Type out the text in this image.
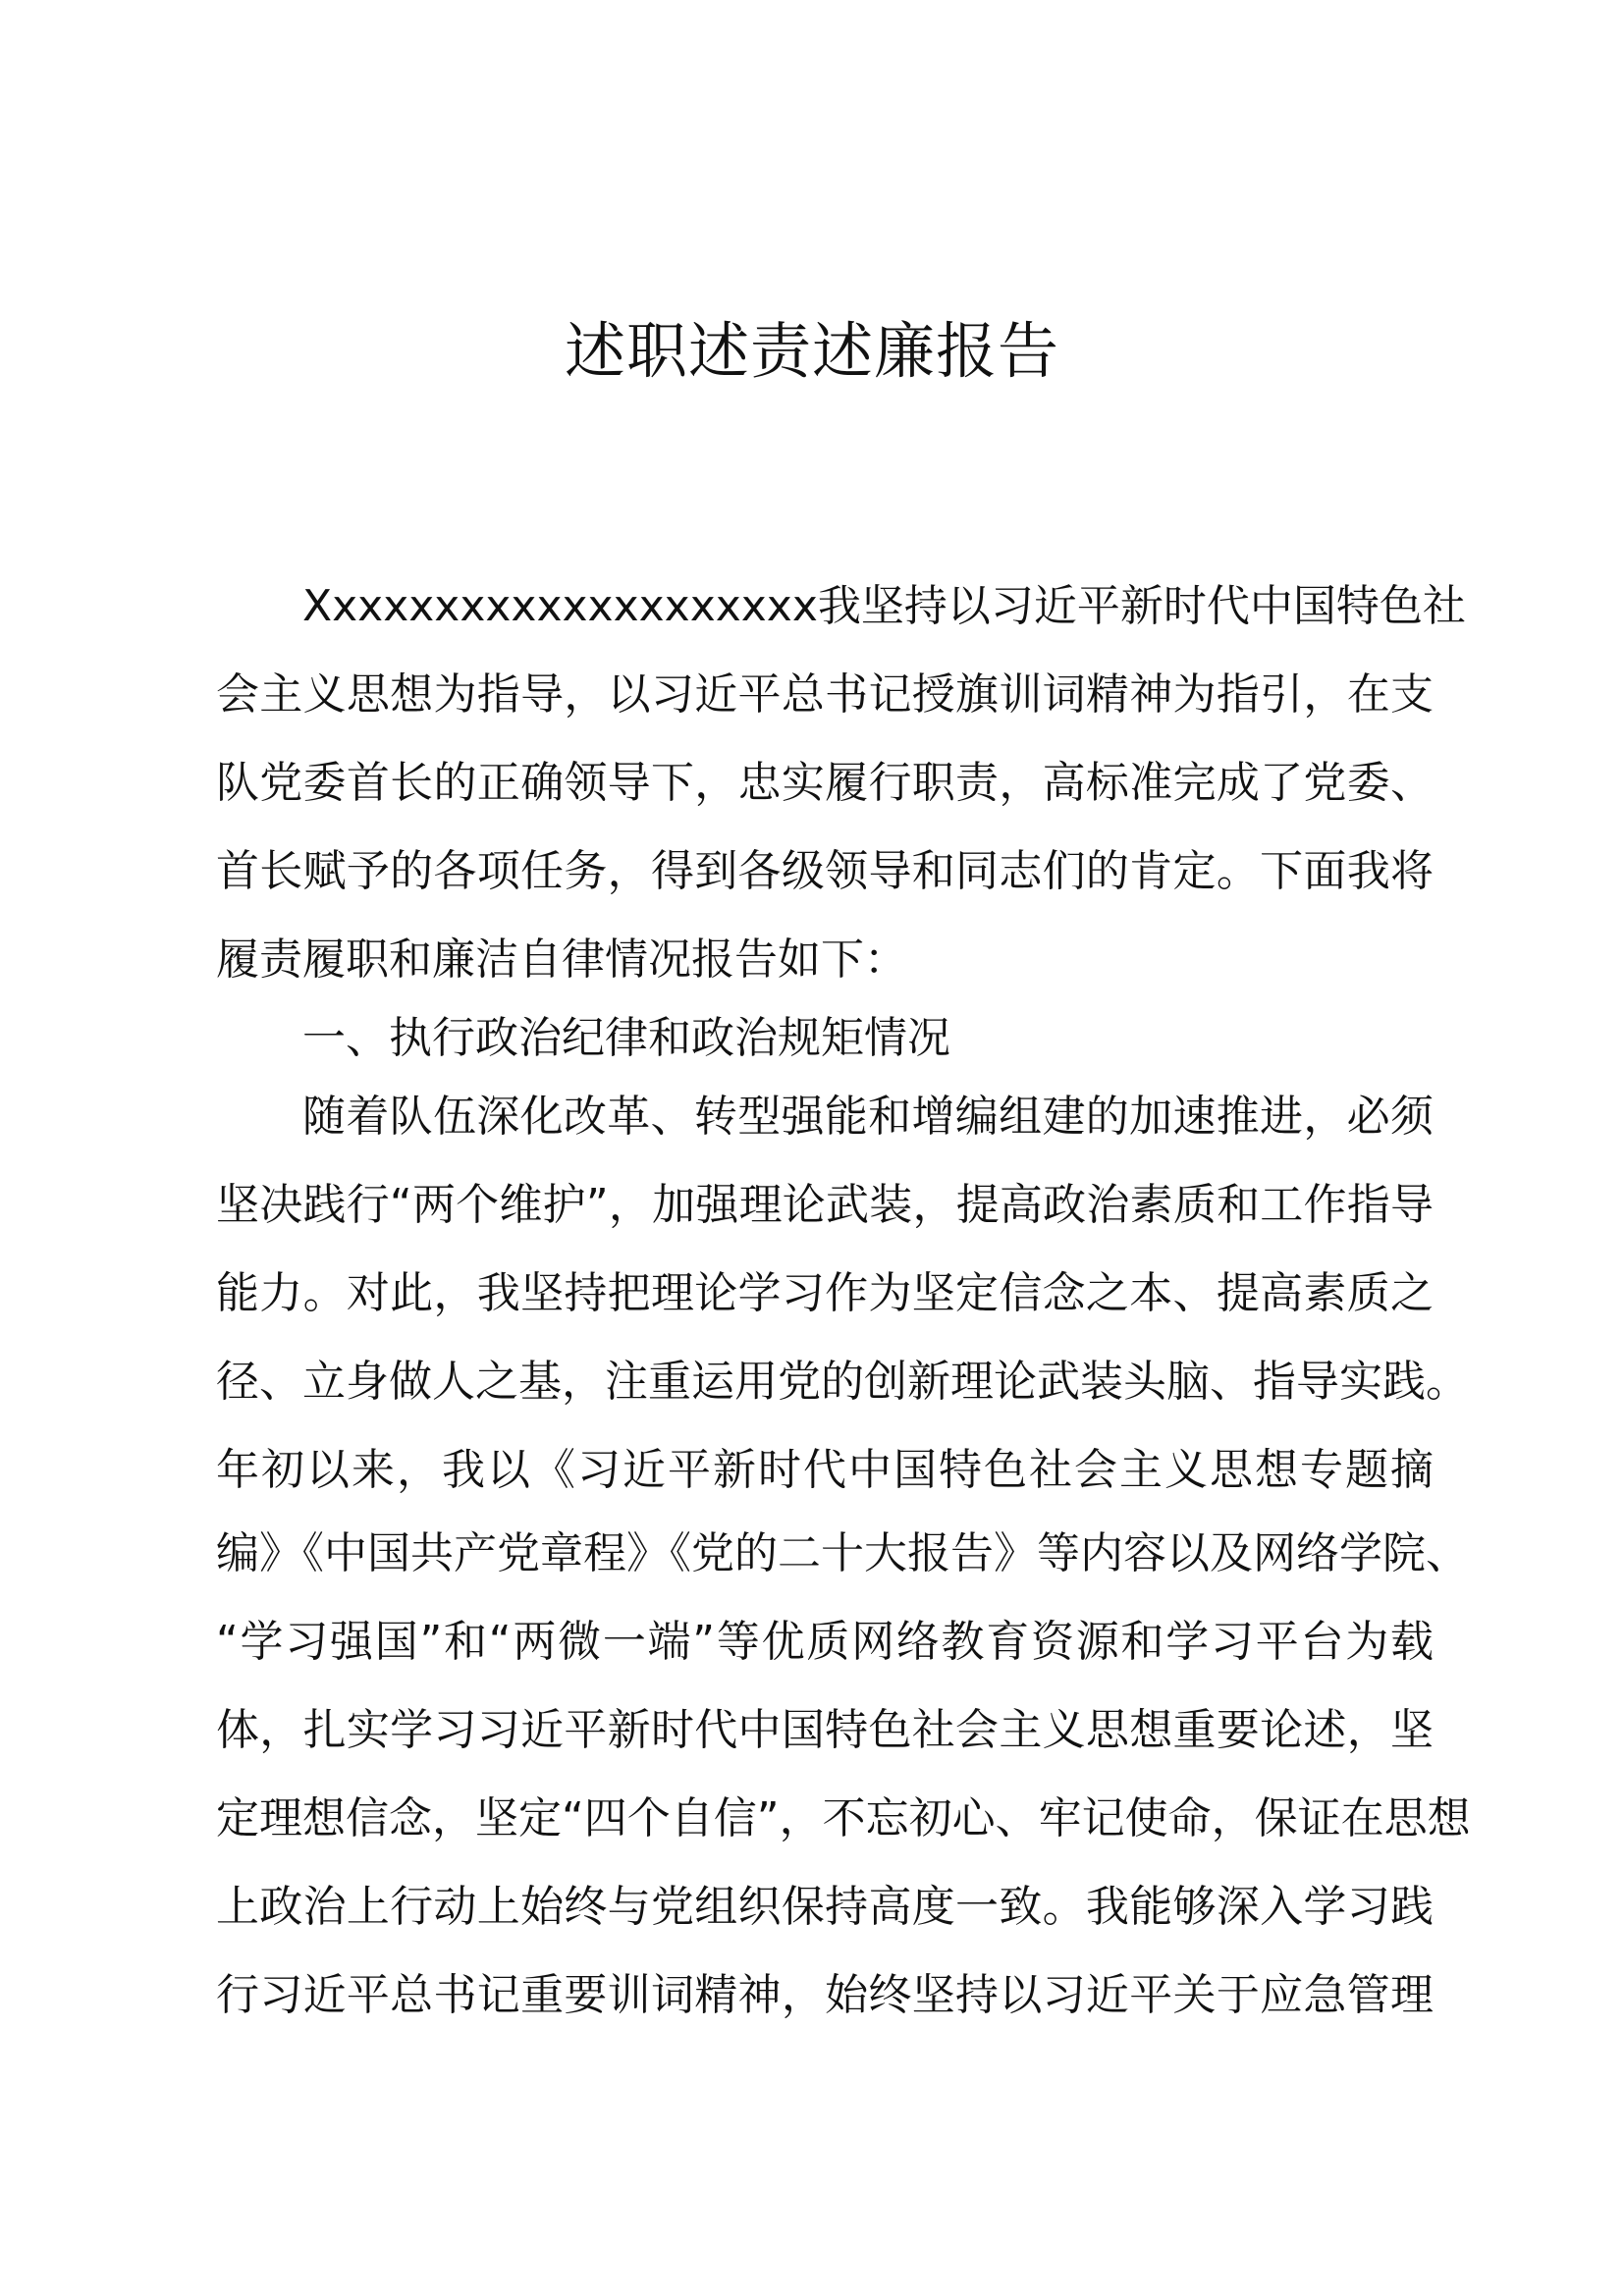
述职述责述廉报告
Xxxxxxxxxxxxxxxxxxxx我坚持以习近平新时代中国特色社
会主义思想为指导，以习近平总书记授旗训词精神为指引，在支
队党委首长的正确领导下，忠实履行职责，高标准完成了党委、
首长赋予的各项任务，得到各级领导和同志们的肯定。下面我将
履责履职和廉洁自律情况报告如下：
一、执行政治纪律和政治规矩情况
随着队伍深化改革、转型强能和增编组建的加速推进，必须
坚决践行“两个维护”，加强理论武装，提高政治素质和工作指导
能力。对此，我坚持把理论学习作为坚定信念之本、提高素质之
径、立身做人之基，注重运用党的创新理论武装头脑、指导实践。
年初以来，我以《习近平新时代中国特色社会主义思想专题摘
编》《中国共产党章程》《党的二十大报告》等内容以及网络学院、
“学习强国”和“两微一端”等优质网络教育资源和学习平台为载
体，扎实学习习近平新时代中国特色社会主义思想重要论述，坚
定理想信念，坚定“四个自信”，不忘初心、牢记使命，保证在思想
上政治上行动上始终与党组织保持高度一致。我能够深入学习践
行习近平总书记重要训词精神，始终坚持以习近平关于应急管理
